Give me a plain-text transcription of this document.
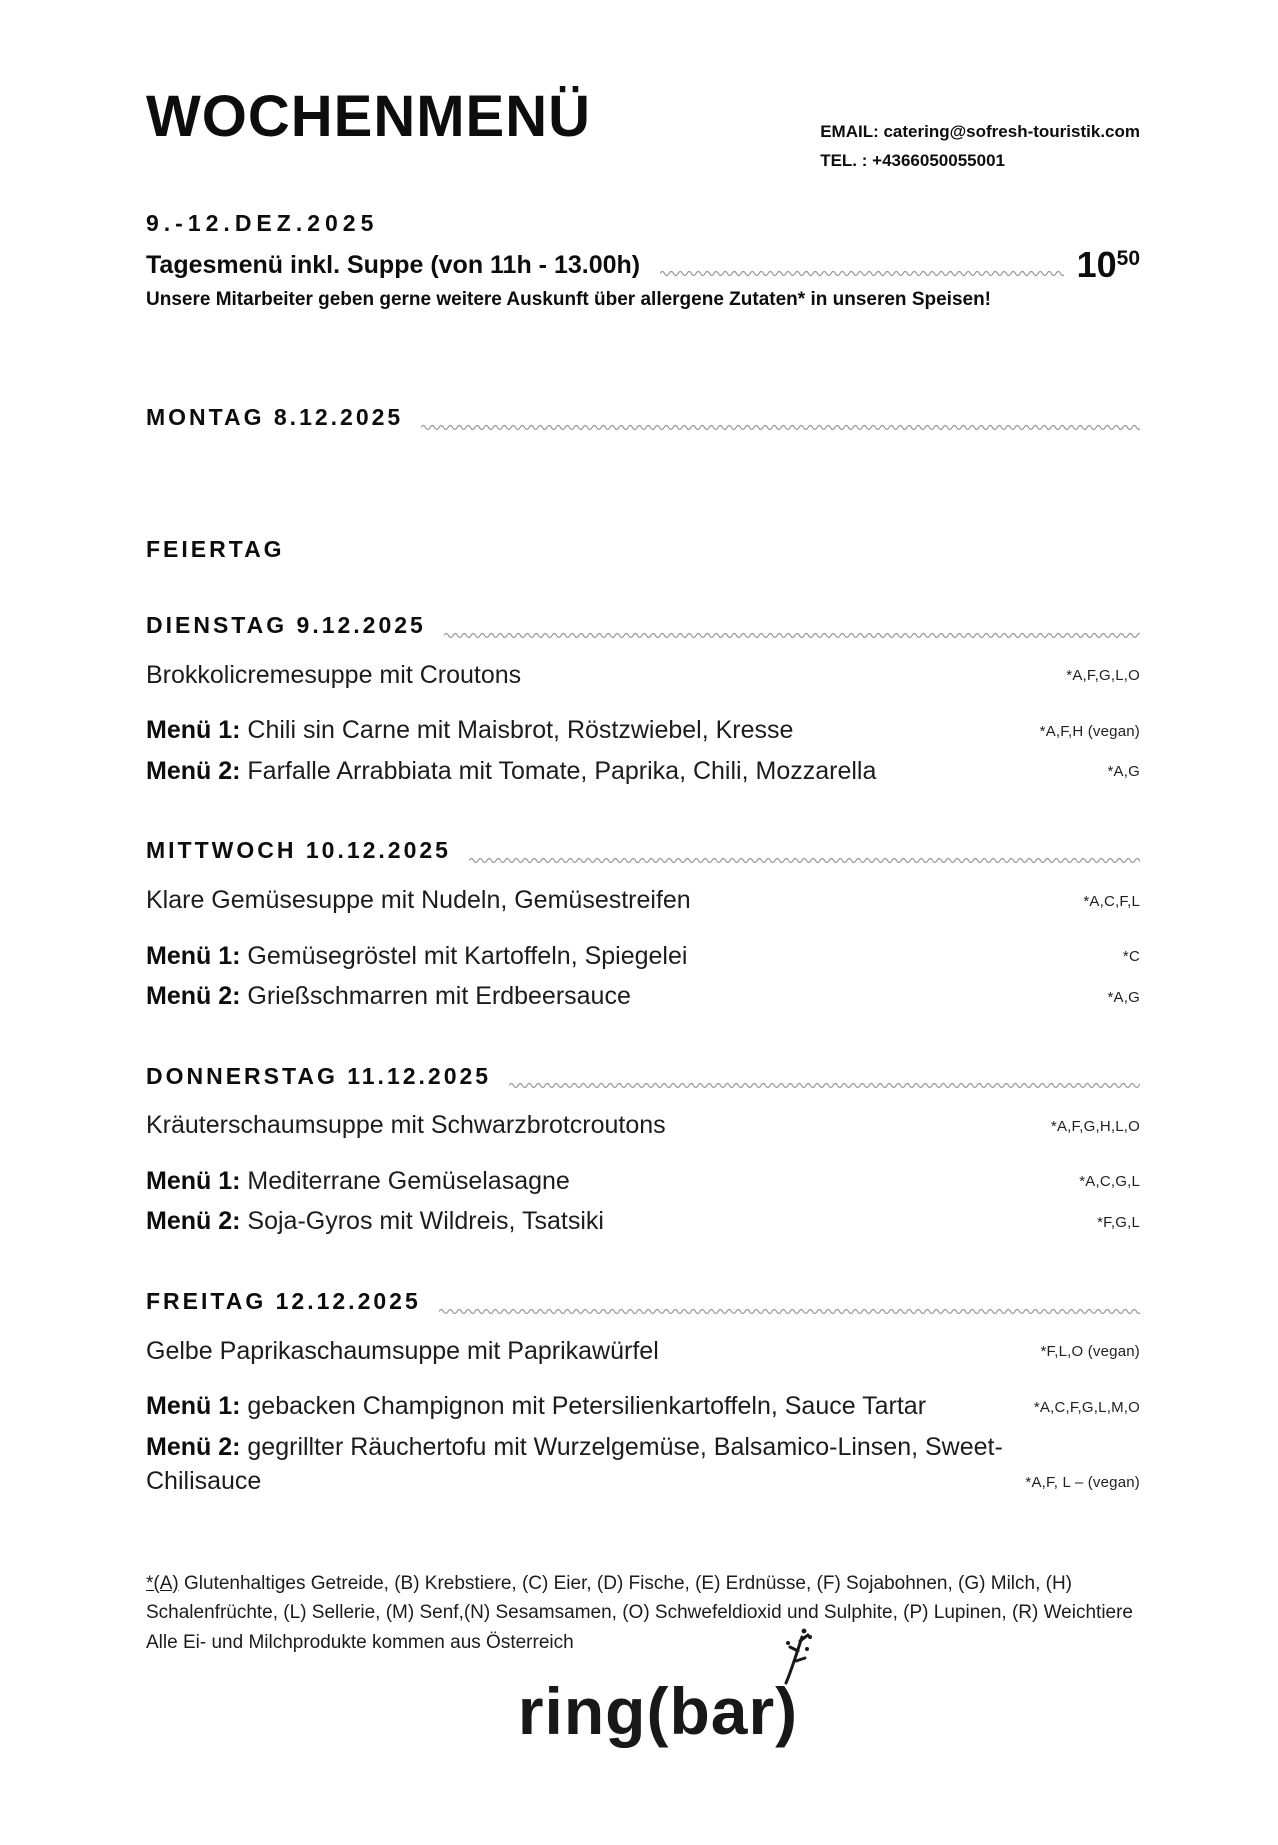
WOCHENMENÜ	EMAIL: catering@sofresh-touristik.com
TEL. : +4366050055001
9.-12.DEZ.2025
Tagesmenü inkl. Suppe (von 11h - 13.00h)	$10^{50}$
Unsere Mitarbeiter geben gerne weitere Auskunft über allergene Zutaten* in unseren Speisen!
MONTAG 8.12.2025
FEIERTAG
DIENSTAG 9.12.2025
Brokkolicremesuppe mit Croutons	*A,F,G,L,O
Menü 1: Chili sin Carne mit Maisbrot, Röstzwiebel, Kresse	*A,F,H (vegan)
Menü 2: Farfalle Arrabbiata mit Tomate, Paprika, Chili, Mozzarella	*A,G
MITTWOCH 10.12.2025
Klare Gemüsesuppe mit Nudeln, Gemüsestreifen	*A,C,F,L
Menü 1: Gemüsegröstel mit Kartoffeln, Spiegelei	*C
Menü 2: Grießschmarren mit Erdbeersauce	*A,G
DONNERSTAG 11.12.2025
Kräuterschaumsuppe mit Schwarzbrotcroutons	*A,F,G,H,L,O
Menü 1: Mediterrane Gemüselasagne	*A,C,G,L
Menü 2: Soja-Gyros mit Wildreis, Tsatsiki	*F,G,L
FREITAG 12.12.2025
Gelbe Paprikaschaumsuppe mit Paprikawürfel	*F,L,O (vegan)
Menü 1: gebacken Champignon mit Petersilienkartoffeln, Sauce Tartar	*A,C,F,G,L,M,O
Menü 2: gegrillter Räuchertofu mit Wurzelgemüse, Balsamico-Linsen, Sweet-Chilisauce	*A,F, L – (vegan)
*(A) Glutenhaltiges Getreide, (B) Krebstiere, (C) Eier, (D) Fische, (E) Erdnüsse, (F) Sojabohnen, (G) Milch, (H) Schalenfrüchte, (L) Sellerie, (M) Senf,(N) Sesamsamen, (O) Schwefeldioxid und Sulphite, (P) Lupinen, (R) Weichtiere
Alle Ei- und Milchprodukte kommen aus Österreich
ring(bar)
